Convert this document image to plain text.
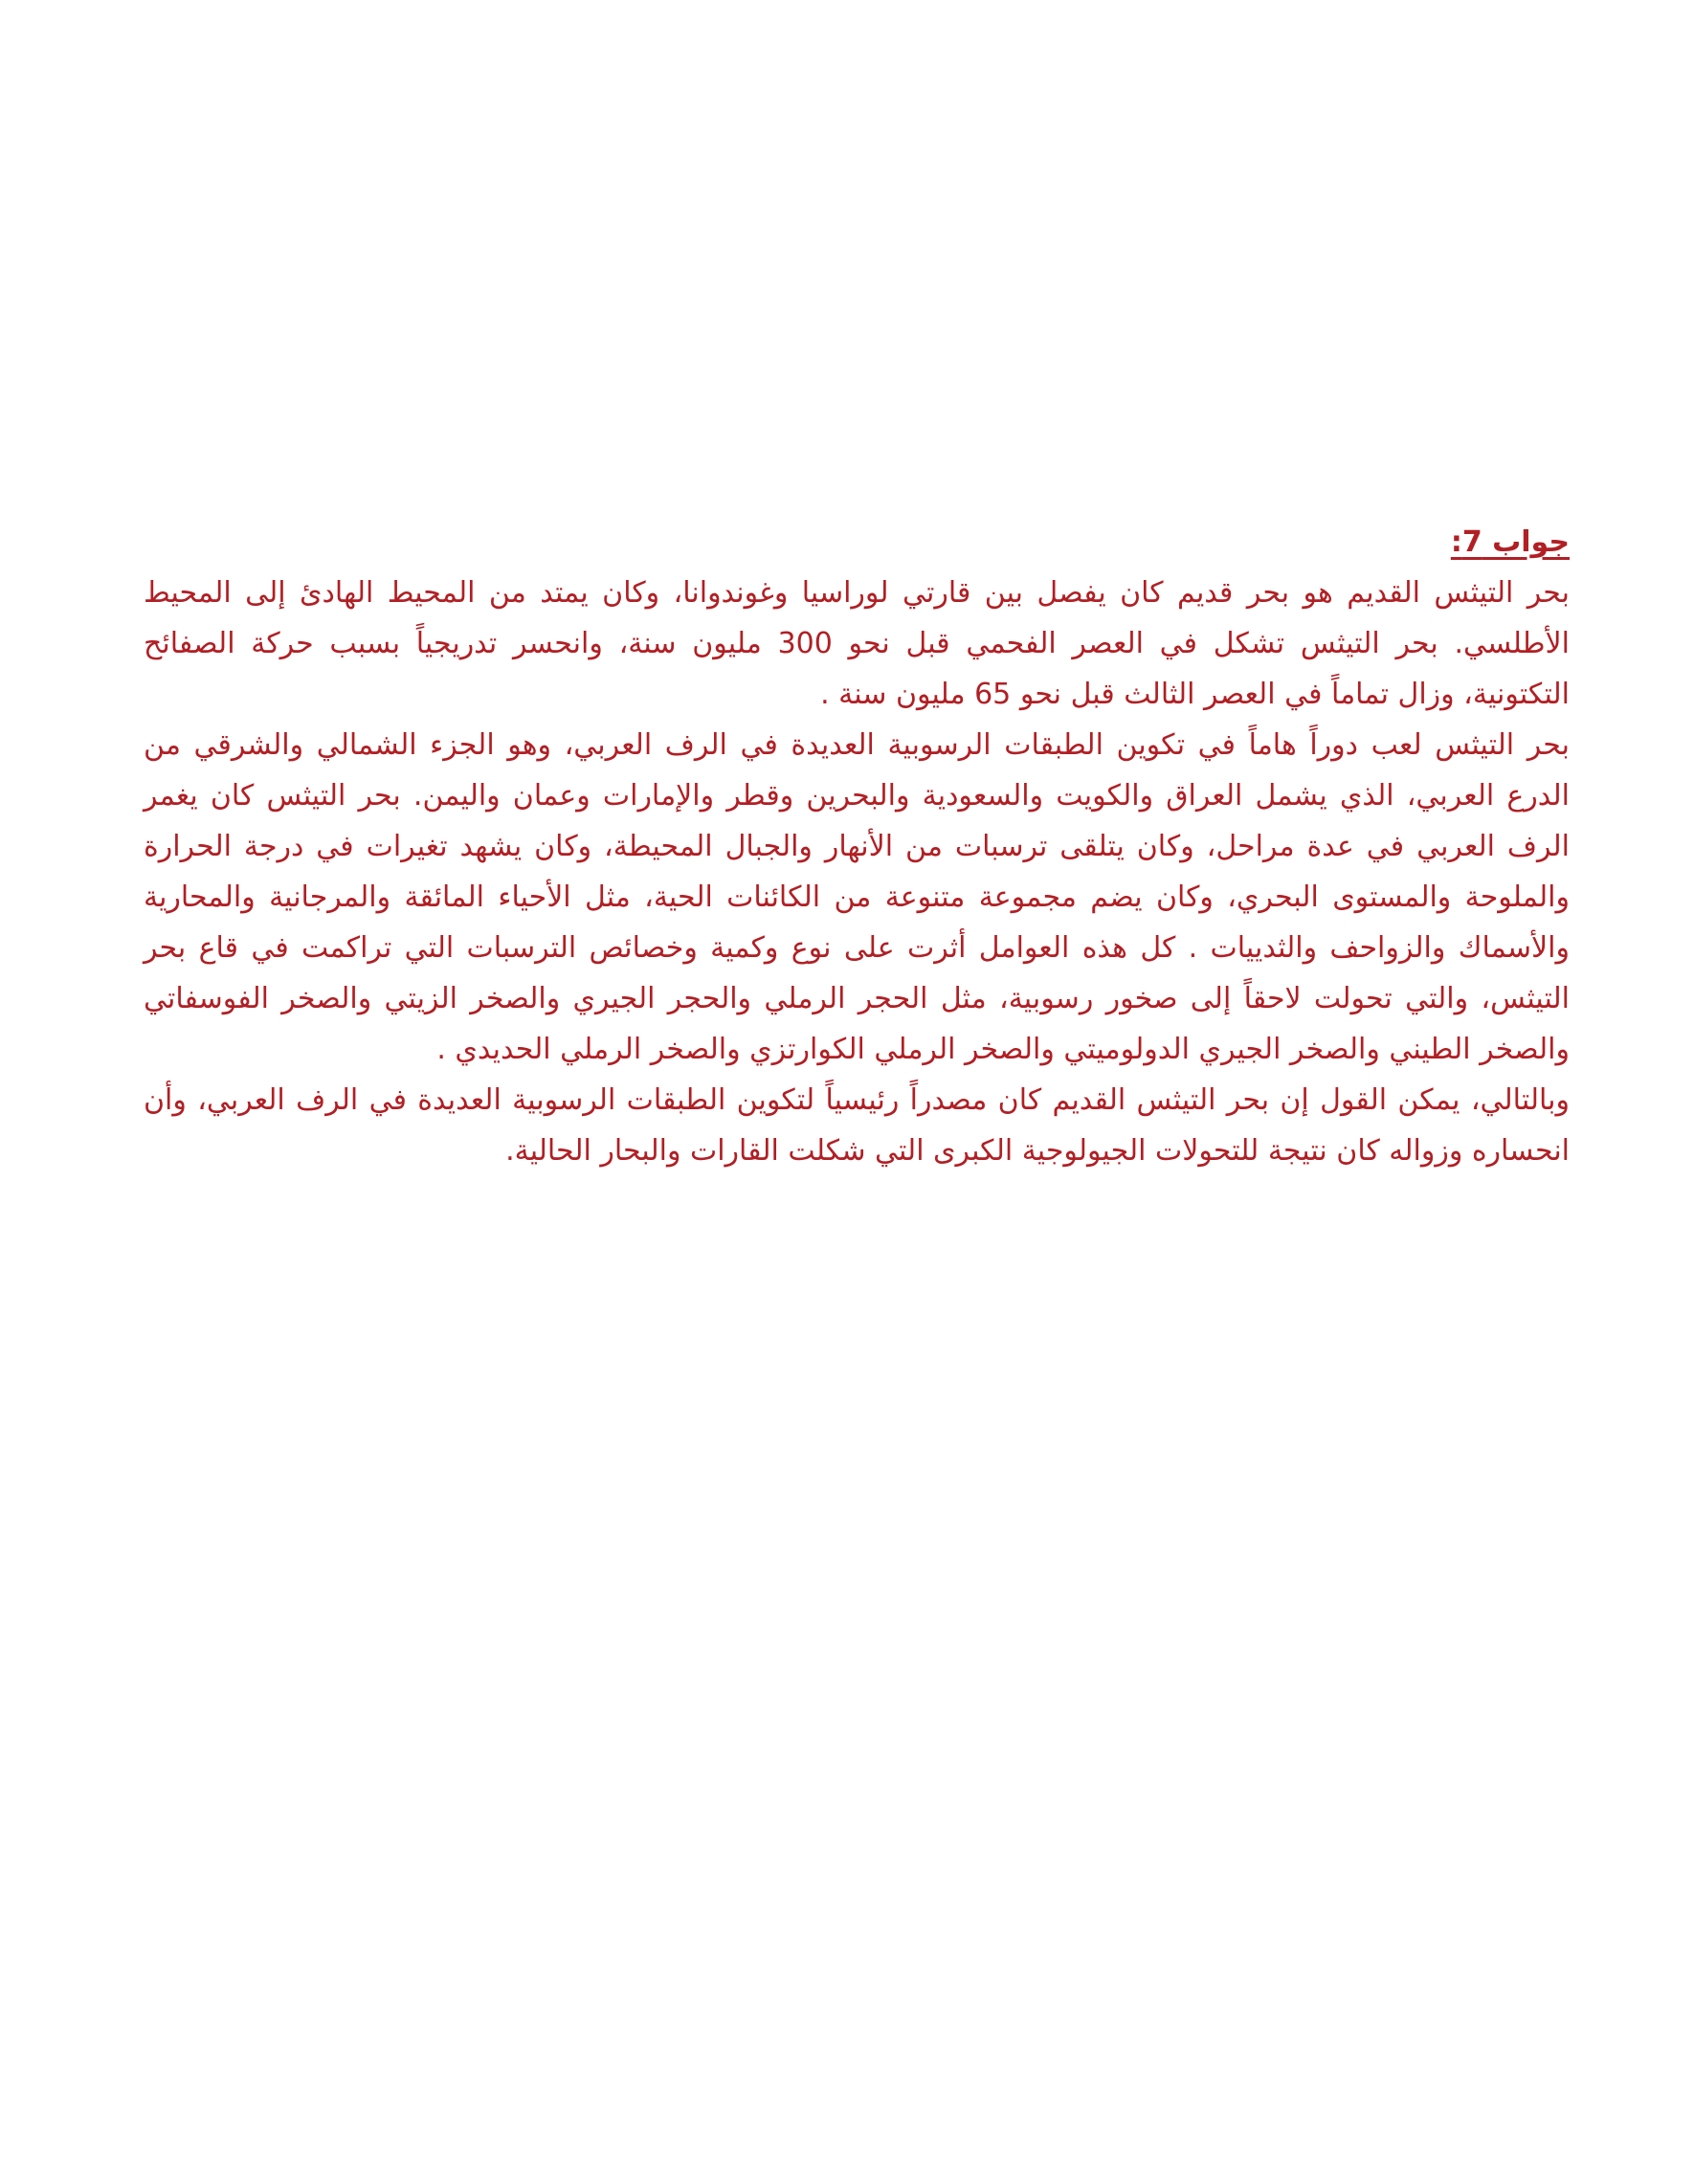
جواب 7:

بحر التيثس القديم هو بحر قديم كان يفصل بين قارتي لوراسيا وغوندوانا، وكان يمتد من المحيط الهادئ إلى المحيط الأطلسي. بحر التيثس تشكل في العصر الفحمي قبل نحو 300 مليون سنة، وانحسر تدريجياً بسبب حركة الصفائح التكتونية، وزال تماماً في العصر الثالث قبل نحو 65 مليون سنة .

بحر التيثس لعب دوراً هاماً في تكوين الطبقات الرسوبية العديدة في الرف العربي، وهو الجزء الشمالي والشرقي من الدرع العربي، الذي يشمل العراق والكويت والسعودية والبحرين وقطر والإمارات وعمان واليمن. بحر التيثس كان يغمر الرف العربي في عدة مراحل، وكان يتلقى ترسبات من الأنهار والجبال المحيطة، وكان يشهد تغيرات في درجة الحرارة والملوحة والمستوى البحري، وكان يضم مجموعة متنوعة من الكائنات الحية، مثل الأحياء المائقة والمرجانية والمحارية والأسماك والزواحف والثدييات . كل هذه العوامل أثرت على نوع وكمية وخصائص الترسبات التي تراكمت في قاع بحر التيثس، والتي تحولت لاحقاً إلى صخور رسوبية، مثل الحجر الرملي والحجر الجيري والصخر الزيتي والصخر الفوسفاتي والصخر الطيني والصخر الجيري الدولوميتي والصخر الرملي الكوارتزي والصخر الرملي الحديدي .

وبالتالي، يمكن القول إن بحر التيثس القديم كان مصدراً رئيسياً لتكوين الطبقات الرسوبية العديدة في الرف العربي، وأن انحساره وزواله كان نتيجة للتحولات الجيولوجية الكبرى التي شكلت القارات والبحار الحالية.
